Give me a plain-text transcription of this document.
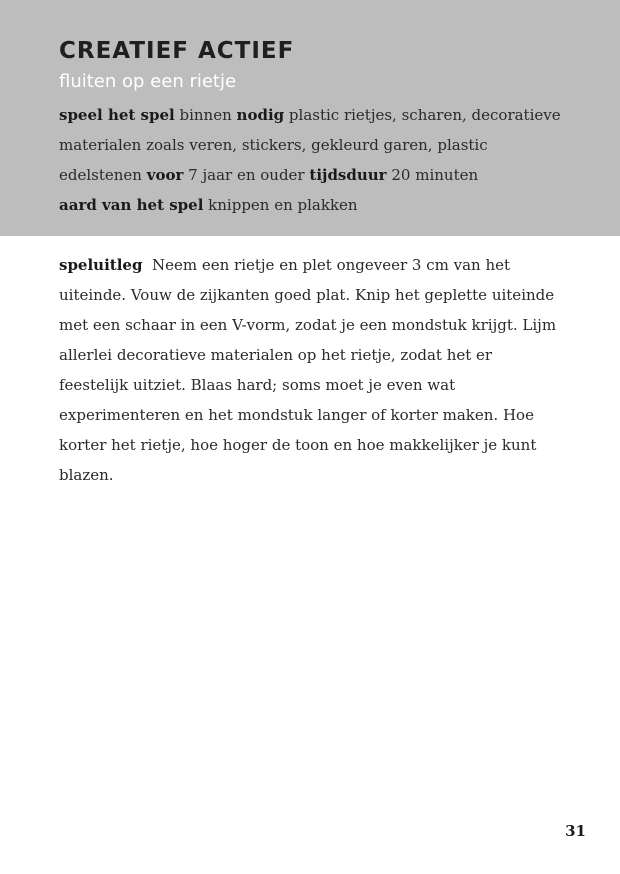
CREATIEF ACTIEF
fluiten op een rietje
speel het spel binnen nodig plastic rietjes, scharen, decoratieve materialen zoals veren, stickers, gekleurd garen, plastic edelstenen voor 7 jaar en ouder tijdsduur 20 minuten
aard van het spel knippen en plakken
speluitleg Neem een rietje en plet ongeveer 3 cm van het uiteinde. Vouw de zijkanten goed plat. Knip het geplette uiteinde met een schaar in een V-vorm, zodat je een mondstuk krijgt. Lijm allerlei decoratieve materialen op het rietje, zodat het er feestelijk uitziet. Blaas hard; soms moet je even wat experimenteren en het mondstuk langer of korter maken. Hoe korter het rietje, hoe hoger de toon en hoe makkelijker je kunt blazen.
31
